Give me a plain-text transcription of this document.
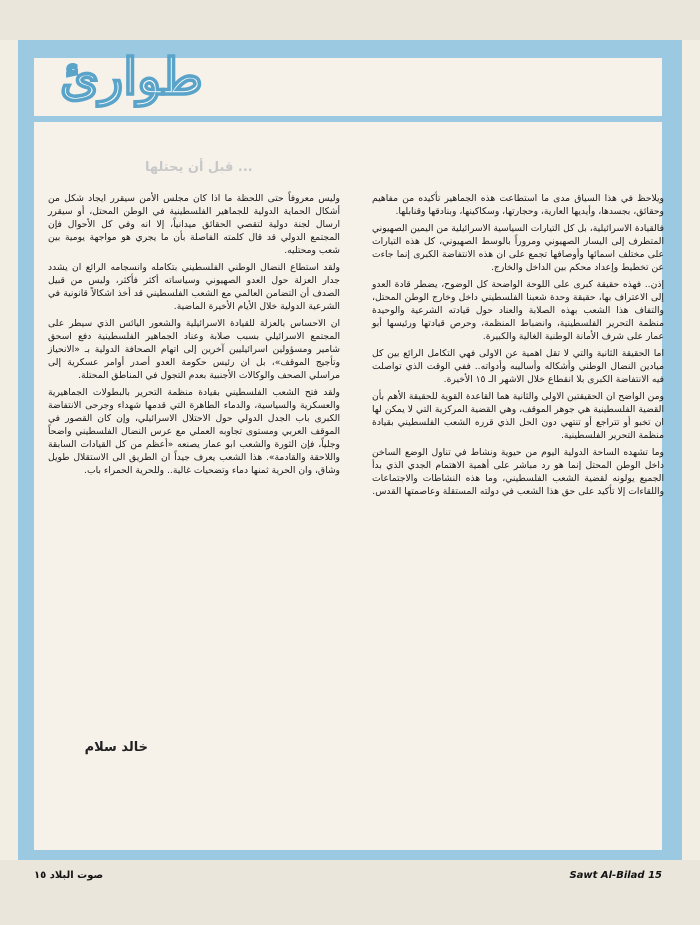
طوارئ
... قبل أن يحتلها

ويلاحظ في هذا السياق مدى ما استطاعت هذه الجماهير تأكيده من مفاهيم وحقائق، بجسدها، وأيديها العارية، وحجارتها، وسكاكينها، وبنادقها وقنابلها.

فالقيادة الاسرائيلية، بل كل التيارات السياسية الاسرائيلية من اليمين الصهيوني المتطرف إلى اليسار الصهيوني ومروراً بالوسط الصهيوني، كل هذه التيارات على مختلف اسمائها وأوصافها تجمع على ان هذه الانتفاضة الكبرى إنما جاءت عن تخطيط وإعداد محكم بين الداخل والخارج.

إذن.. فهذه حقيقة كبرى على اللوحة الواضحة كل الوضوح، يضطر قادة العدو إلى الاعتراف بها، حقيقة وحدة شعبنا الفلسطيني داخل وخارج الوطن المحتل، والتفاف هذا الشعب بهذه الصلابة والعناد حول قيادته الشرعية والوحيدة منظمة التحرير الفلسطينية، وانضباط المنظمة، وحرص قيادتها ورئيسها أبو عمار على شرف الأمانة الوطنية الغالية والكبيرة.

اما الحقيقة الثانية والتي لا تقل اهمية عن الاولى فهي التكامل الرائع بين كل ميادين النضال الوطني وأشكاله وأساليبه وأدواته.. ففي الوقت الذي تواصلت فيه الانتفاضة الكبرى بلا انقطاع خلال الاشهر الـ ١٥ الأخيرة.

ومن الواضح ان الحقيقتين الاولى والثانية هما القاعدة القوية للحقيقة الأهم بأن القضية الفلسطينية هي جوهر الموقف، وهي القضية المركزية التي لا يمكن لها ان تخبو أو تتراجع أو تنتهي دون الحل الذي قرره الشعب الفلسطيني بقيادة منظمة التحرير الفلسطينية.

وما تشهده الساحة الدولية اليوم من حيوية ونشاط في تناول الوضع الساخن داخل الوطن المحتل إنما هو رد مباشر على أهمية الاهتمام الجدي الذي بدأ الجميع يولونه لقضية الشعب الفلسطيني، وما هذه النشاطات والاجتماعات واللقاءات إلا تأكيد على حق هذا الشعب في دولته المستقلة وعاصمتها القدس.

وليس معروفاً حتى اللحظة ما اذا كان مجلس الأمن سيقرر ايجاد شكل من أشكال الحماية الدولية للجماهير الفلسطينية في الوطن المحتل، أو سيقرر ارسال لجنة دولية لتقصي الحقائق ميدانياً، إلا انه وفي كل الأحوال فإن المجتمع الدولي قد قال كلمته الفاصلة بأن ما يجري هو مواجهة يومية بين شعب ومحتليه.

ولقد استطاع النضال الوطني الفلسطيني بتكامله وانسجامه الرائع ان يشدد جدار العزلة حول العدو الصهيوني وسياساته أكثر فأكثر، وليس من قبيل الصدف أن التضامن العالمي مع الشعب الفلسطيني قد أخذ اشكالاً قانونية في الشرعية الدولية خلال الأيام الأخيرة الماضية.

ان الاحساس بالعزلة للقيادة الاسرائيلية والشعور اليائس الذي سيطر على المجتمع الاسرائيلي بسبب صلابة وعناد الجماهير الفلسطينية دفع اسحق شامير ومسؤولين اسرائيليين آخرين إلى اتهام الصحافة الدولية بـ «الانحياز وتأجيج الموقف»، بل ان رئيس حكومة العدو أصدر أوامر عسكرية إلى مراسلي الصحف والوكالات الأجنبية بعدم التجول في المناطق المحتلة.

ولقد فتح الشعب الفلسطيني بقيادة منظمة التحرير بالبطولات الجماهيرية والعسكرية والسياسية، والدماء الطاهرة التي قدمها شهداء وجرحى الانتفاضة الكبرى باب الجدل الدولي حول الاحتلال الاسرائيلي، وإن كان القصور في الموقف العربي ومستوى تجاوبه العملي مع عرس النضال الفلسطيني واضحاً وجلياً، فإن الثورة والشعب ابو عمار يصنعه «أعظم من كل القيادات السابقة واللاحقة والقادمة». هذا الشعب يعرف جيداً ان الطريق الى الاستقلال طويل وشاق، وان الحرية ثمنها دماء وتضحيات غالية.. وللحرية الحمراء باب.

خالد سلام
صوت البلاد ١٥	Sawt Al-Bilad 15
